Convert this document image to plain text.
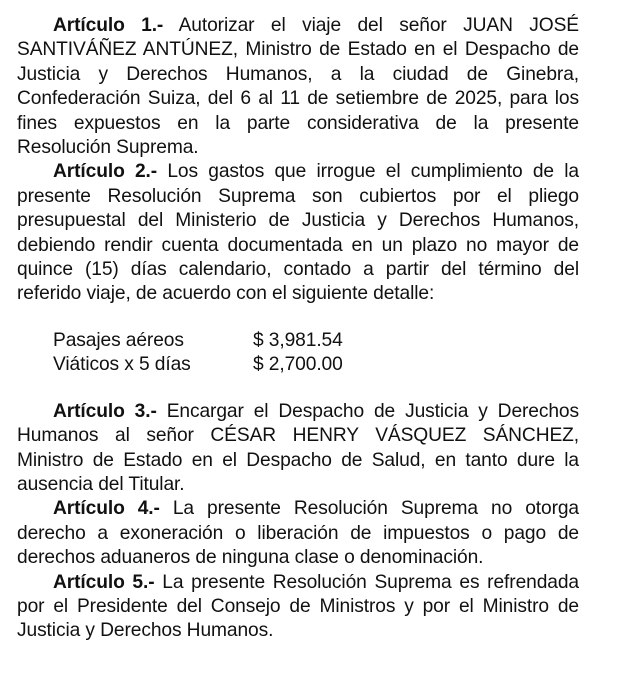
Artículo 1.- Autorizar el viaje del señor JUAN JOSÉ SANTIVÁÑEZ ANTÚNEZ, Ministro de Estado en el Despacho de Justicia y Derechos Humanos, a la ciudad de Ginebra, Confederación Suiza, del 6 al 11 de setiembre de 2025, para los fines expuestos en la parte considerativa de la presente Resolución Suprema.

Artículo 2.- Los gastos que irrogue el cumplimiento de la presente Resolución Suprema son cubiertos por el pliego presupuestal del Ministerio de Justicia y Derechos Humanos, debiendo rendir cuenta documentada en un plazo no mayor de quince (15) días calendario, contado a partir del término del referido viaje, de acuerdo con el siguiente detalle:

Pasajes aéreos	$ 3,981.54
Viáticos x 5 días	$ 2,700.00

Artículo 3.- Encargar el Despacho de Justicia y Derechos Humanos al señor CÉSAR HENRY VÁSQUEZ SÁNCHEZ, Ministro de Estado en el Despacho de Salud, en tanto dure la ausencia del Titular.

Artículo 4.- La presente Resolución Suprema no otorga derecho a exoneración o liberación de impuestos o pago de derechos aduaneros de ninguna clase o denominación.

Artículo 5.- La presente Resolución Suprema es refrendada por el Presidente del Consejo de Ministros y por el Ministro de Justicia y Derechos Humanos.
